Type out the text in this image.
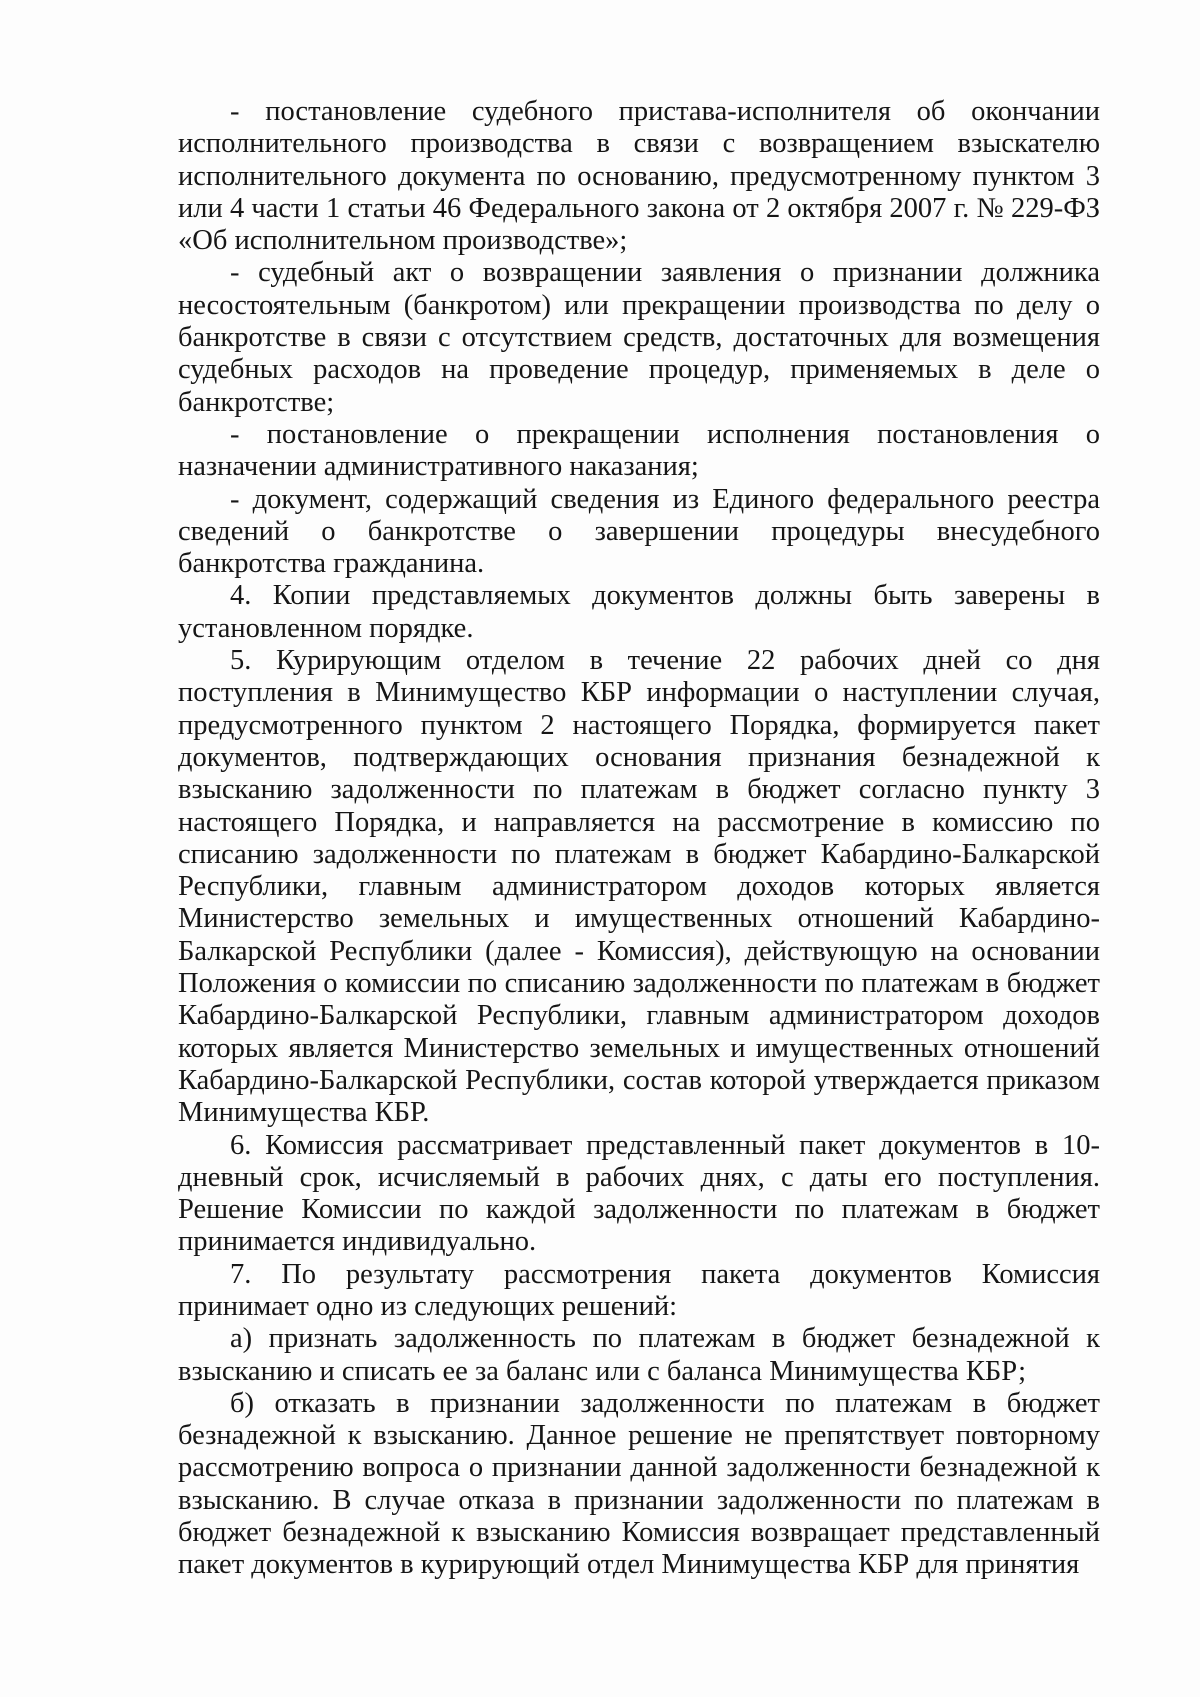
- постановление судебного пристава-исполнителя об окончании исполнительного производства в связи с возвращением взыскателю исполнительного документа по основанию, предусмотренному пунктом 3 или 4 части 1 статьи 46 Федерального закона от 2 октября 2007 г. № 229-ФЗ «Об исполнительном производстве»;

- судебный акт о возвращении заявления о признании должника несостоятельным (банкротом) или прекращении производства по делу о банкротстве в связи с отсутствием средств, достаточных для возмещения судебных расходов на проведение процедур, применяемых в деле о банкротстве;

- постановление о прекращении исполнения постановления о назначении административного наказания;

- документ, содержащий сведения из Единого федерального реестра сведений о банкротстве о завершении процедуры внесудебного банкротства гражданина.

4. Копии представляемых документов должны быть заверены в установленном порядке.

5. Курирующим отделом в течение 22 рабочих дней со дня поступления в Минимущество КБР информации о наступлении случая, предусмотренного пунктом 2 настоящего Порядка, формируется пакет документов, подтверждающих основания признания безнадежной к взысканию задолженности по платежам в бюджет согласно пункту 3 настоящего Порядка, и направляется на рассмотрение в комиссию по списанию задолженности по платежам в бюджет Кабардино-Балкарской Республики, главным администратором доходов которых является Министерство земельных и имущественных отношений Кабардино-Балкарской Республики (далее - Комиссия), действующую на основании Положения о комиссии по списанию задолженности по платежам в бюджет Кабардино-Балкарской Республики, главным администратором доходов которых является Министерство земельных и имущественных отношений Кабардино-Балкарской Республики, состав которой утверждается приказом Минимущества КБР.

6. Комиссия рассматривает представленный пакет документов в 10-дневный срок, исчисляемый в рабочих днях, с даты его поступления. Решение Комиссии по каждой задолженности по платежам в бюджет принимается индивидуально.

7. По результату рассмотрения пакета документов Комиссия принимает одно из следующих решений:

а) признать задолженность по платежам в бюджет безнадежной к взысканию и списать ее за баланс или с баланса Минимущества КБР;

б) отказать в признании задолженности по платежам в бюджет безнадежной к взысканию. Данное решение не препятствует повторному рассмотрению вопроса о признании данной задолженности безнадежной к взысканию. В случае отказа в признании задолженности по платежам в бюджет безнадежной к взысканию Комиссия возвращает представленный пакет документов в курирующий отдел Минимущества КБР для принятия
